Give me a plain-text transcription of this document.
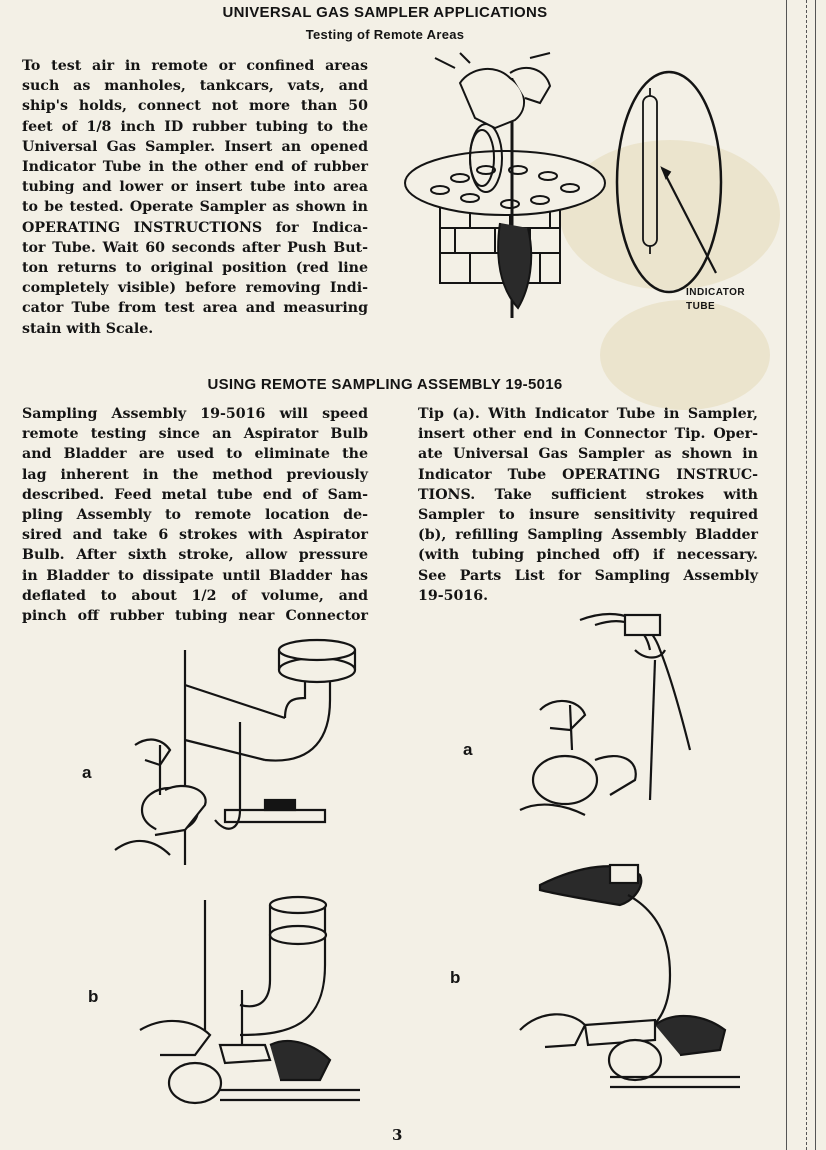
UNIVERSAL GAS SAMPLER APPLICATIONS
Testing of Remote Areas
To test air in remote or confined areas
such as manholes, tankcars, vats, and
ship's holds, connect not more than 50
feet of 1/8 inch ID rubber tubing to the
Universal Gas Sampler. Insert an opened
Indicator Tube in the other end of rubber
tubing and lower or insert tube into area
to be tested. Operate Sampler as shown in
OPERATING INSTRUCTIONS for Indica-
tor Tube. Wait 60 seconds after Push But-
ton returns to original position (red line
completely visible) before removing Indi-
cator Tube from test area and measuring
stain with Scale.
INDICATOR
TUBE
USING REMOTE SAMPLING ASSEMBLY 19-5016
Sampling Assembly 19-5016 will speed
remote testing since an Aspirator Bulb
and Bladder are used to eliminate the
lag inherent in the method previously
described. Feed metal tube end of Sam-
pling Assembly to remote location de-
sired and take 6 strokes with Aspirator
Bulb. After sixth stroke, allow pressure
in Bladder to dissipate until Bladder has
deflated to about 1/2 of volume, and
pinch off rubber tubing near Connector
Tip (a). With Indicator Tube in Sampler,
insert other end in Connector Tip. Oper-
ate Universal Gas Sampler as shown in
Indicator Tube OPERATING INSTRUC-
TIONS. Take sufficient strokes with
Sampler to insure sensitivity required
(b), refilling Sampling Assembly Bladder
(with tubing pinched off) if necessary.
See Parts List for Sampling Assembly
19-5016.
a
b
a
b
3
